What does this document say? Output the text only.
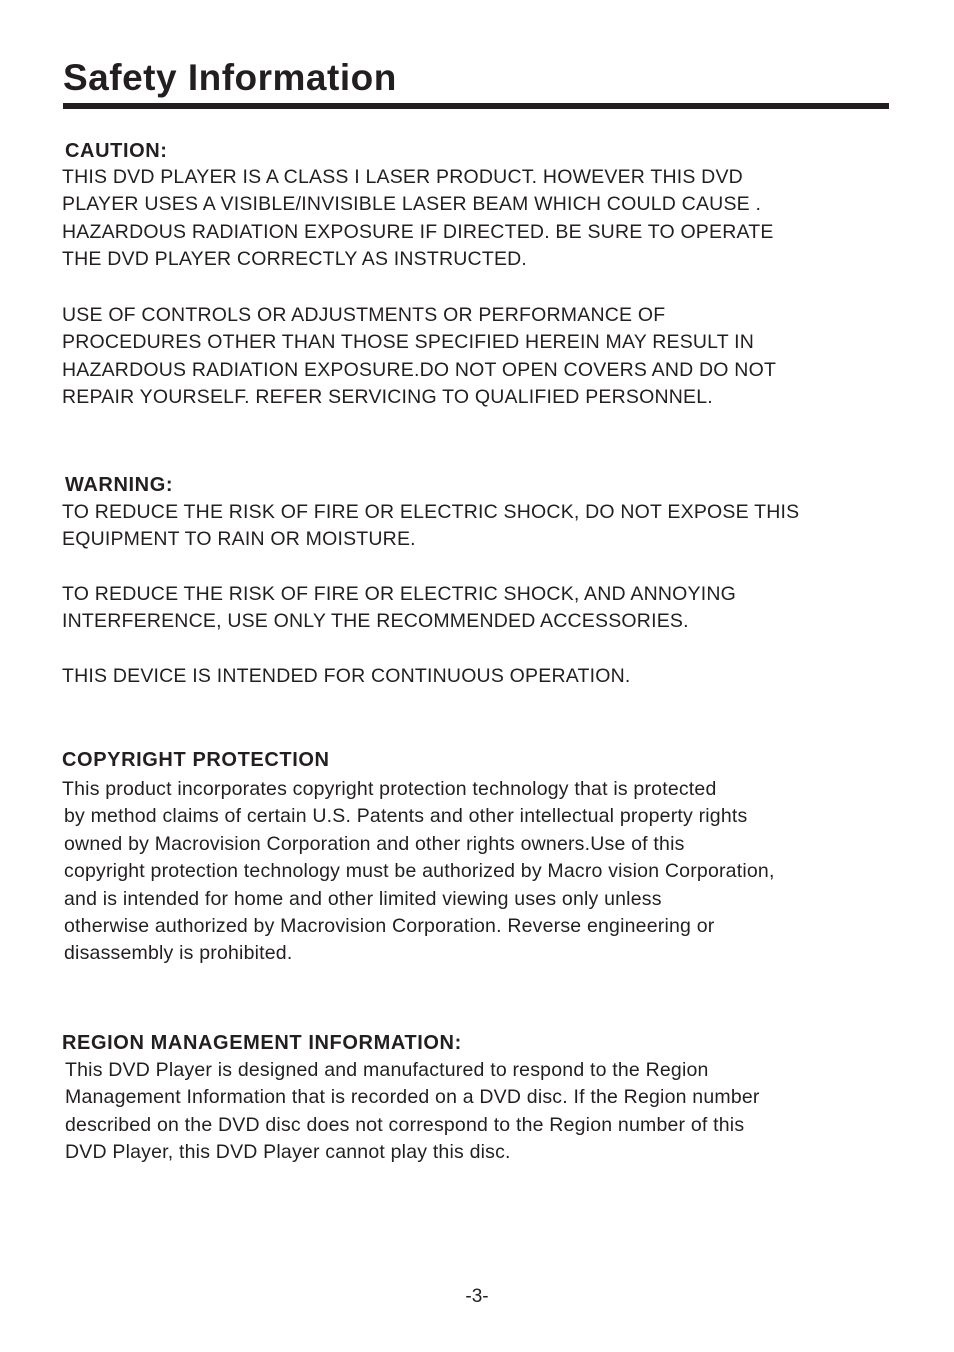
Safety Information
CAUTION:
THIS DVD PLAYER IS A CLASS I LASER PRODUCT. HOWEVER THIS DVD
PLAYER USES A VISIBLE/INVISIBLE LASER BEAM WHICH COULD CAUSE .
HAZARDOUS RADIATION EXPOSURE IF DIRECTED. BE SURE TO OPERATE
THE DVD PLAYER CORRECTLY AS INSTRUCTED.
USE OF CONTROLS OR ADJUSTMENTS OR PERFORMANCE OF
PROCEDURES OTHER THAN THOSE SPECIFIED HEREIN MAY RESULT IN
HAZARDOUS RADIATION EXPOSURE.DO NOT OPEN COVERS AND DO NOT
REPAIR YOURSELF. REFER SERVICING TO QUALIFIED PERSONNEL.
WARNING:
TO REDUCE THE RISK OF FIRE OR ELECTRIC SHOCK, DO NOT EXPOSE THIS
EQUIPMENT TO RAIN OR MOISTURE.
TO REDUCE THE RISK OF FIRE OR ELECTRIC SHOCK, AND ANNOYING
INTERFERENCE, USE ONLY THE RECOMMENDED ACCESSORIES.
THIS DEVICE IS INTENDED FOR CONTINUOUS OPERATION.
COPYRIGHT PROTECTION
This product incorporates copyright protection technology that is protected
by method claims of certain U.S. Patents and other intellectual property rights
owned by Macrovision Corporation and other rights owners.Use of this
copyright protection technology must be authorized by Macro vision Corporation,
and is intended for home and other limited viewing uses only unless
otherwise authorized by Macrovision Corporation. Reverse engineering or
disassembly is prohibited.
REGION MANAGEMENT INFORMATION:
This DVD Player is designed and manufactured to respond to the Region
Management Information that is recorded on a DVD disc. If the Region number
described on the DVD disc does not correspond to the Region number of this
DVD Player, this DVD Player cannot play this disc.
-3-
